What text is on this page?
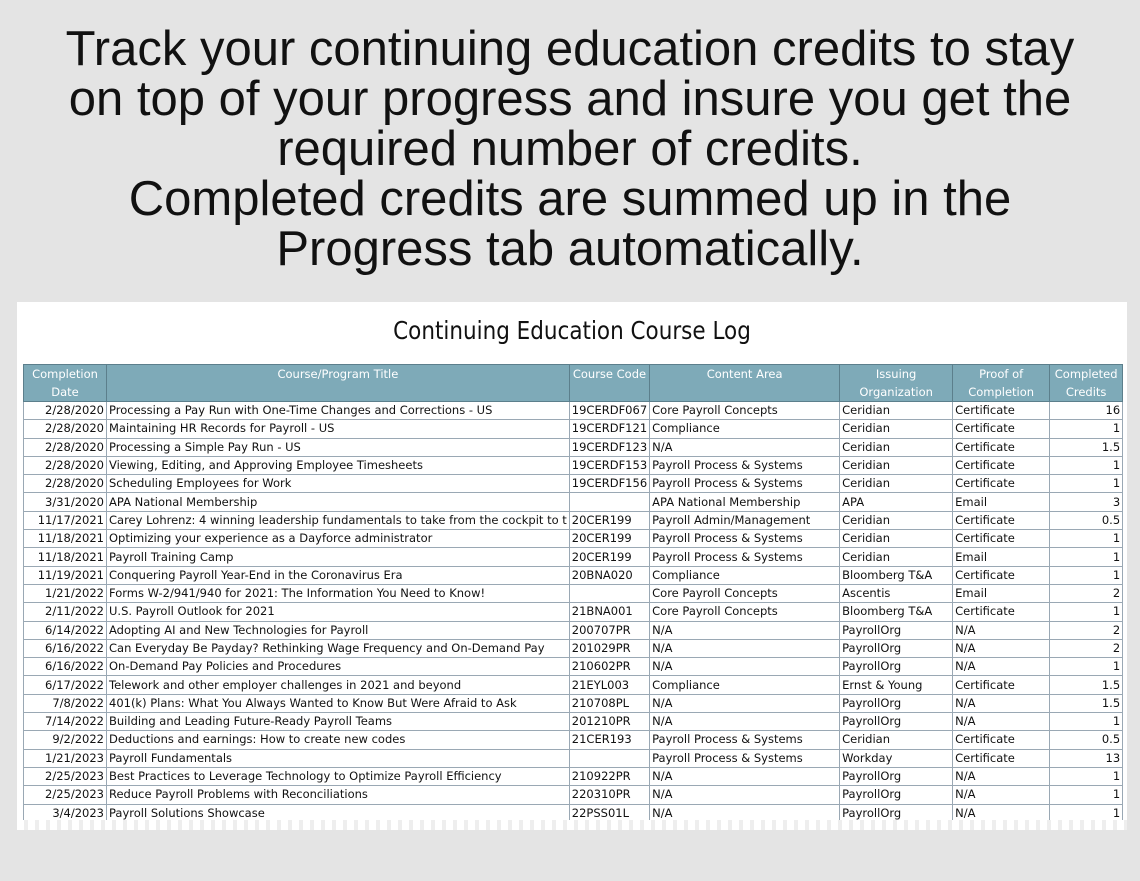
Track your continuing education credits to stay
on top of your progress and insure you get the
required number of credits.
Completed credits are summed up in the
Progress tab automatically.
Continuing Education Course Log
Completion Date	Course/Program Title	Course Code	Content Area	Issuing Organization	Proof of Completion	Completed Credits
2/28/2020	Processing a Pay Run with One-Time Changes and Corrections - US	19CERDF067	Core Payroll Concepts	Ceridian	Certificate	16
2/28/2020	Maintaining HR Records for Payroll - US	19CERDF121	Compliance	Ceridian	Certificate	1
2/28/2020	Processing a Simple Pay Run - US	19CERDF123	N/A	Ceridian	Certificate	1.5
2/28/2020	Viewing, Editing, and Approving Employee Timesheets	19CERDF153	Payroll Process & Systems	Ceridian	Certificate	1
2/28/2020	Scheduling Employees for Work	19CERDF156	Payroll Process & Systems	Ceridian	Certificate	1
3/31/2020	APA National Membership		APA National Membership	APA	Email	3
11/17/2021	Carey Lohrenz: 4 winning leadership fundamentals to take from the cockpit to t	20CER199	Payroll Admin/Management	Ceridian	Certificate	0.5
11/18/2021	Optimizing your experience as a Dayforce administrator	20CER199	Payroll Process & Systems	Ceridian	Certificate	1
11/18/2021	Payroll Training Camp	20CER199	Payroll Process & Systems	Ceridian	Email	1
11/19/2021	Conquering Payroll Year-End in the Coronavirus Era	20BNA020	Compliance	Bloomberg T&A	Certificate	1
1/21/2022	Forms W-2/941/940 for 2021: The Information You Need to Know!		Core Payroll Concepts	Ascentis	Email	2
2/11/2022	U.S. Payroll Outlook for 2021	21BNA001	Core Payroll Concepts	Bloomberg T&A	Certificate	1
6/14/2022	Adopting AI and New Technologies for Payroll	200707PR	N/A	PayrollOrg	N/A	2
6/16/2022	Can Everyday Be Payday? Rethinking Wage Frequency and On-Demand Pay	201029PR	N/A	PayrollOrg	N/A	2
6/16/2022	On-Demand Pay Policies and Procedures	210602PR	N/A	PayrollOrg	N/A	1
6/17/2022	Telework and other employer challenges in 2021 and beyond	21EYL003	Compliance	Ernst & Young	Certificate	1.5
7/8/2022	401(k) Plans: What You Always Wanted to Know But Were Afraid to Ask	210708PL	N/A	PayrollOrg	N/A	1.5
7/14/2022	Building and Leading Future-Ready Payroll Teams	201210PR	N/A	PayrollOrg	N/A	1
9/2/2022	Deductions and earnings: How to create new codes	21CER193	Payroll Process & Systems	Ceridian	Certificate	0.5
1/21/2023	Payroll Fundamentals		Payroll Process & Systems	Workday	Certificate	13
2/25/2023	Best Practices to Leverage Technology to Optimize Payroll Efficiency	210922PR	N/A	PayrollOrg	N/A	1
2/25/2023	Reduce Payroll Problems with Reconciliations	220310PR	N/A	PayrollOrg	N/A	1
3/4/2023	Payroll Solutions Showcase	22PSS01L	N/A	PayrollOrg	N/A	1
